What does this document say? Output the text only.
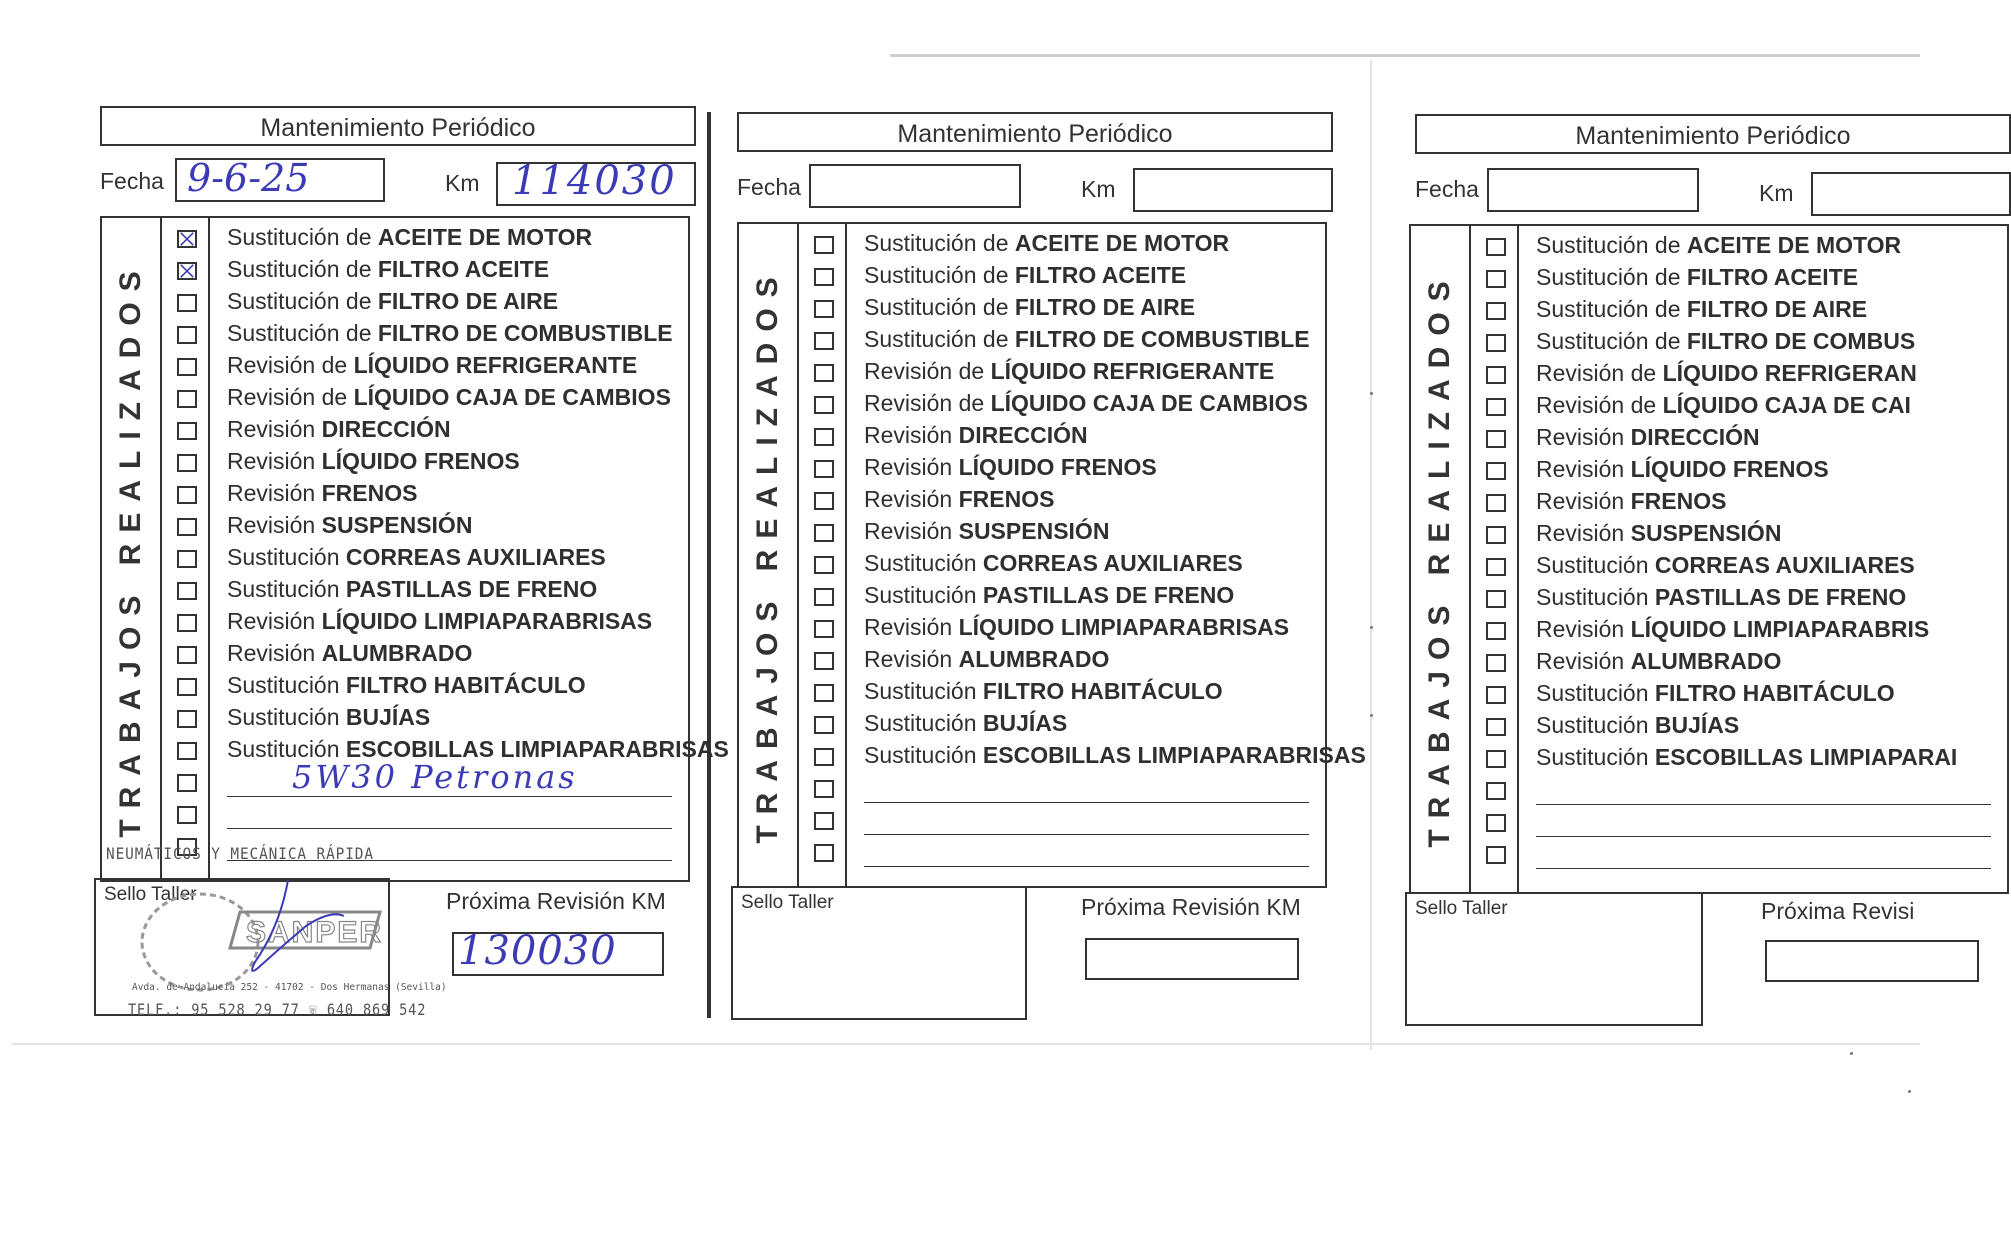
Mantenimiento Periódico
Fecha 9-6-25	Km 114030
TRABAJOS REALIZADOS
Sustitución de ACEITE DE MOTOR
Sustitución de FILTRO ACEITE
Sustitución de FILTRO DE AIRE
Sustitución de FILTRO DE COMBUSTIBLE
Revisión de LÍQUIDO REFRIGERANTE
Revisión de LÍQUIDO CAJA DE CAMBIOS
Revisión DIRECCIÓN
Revisión LÍQUIDO FRENOS
Revisión FRENOS
Revisión SUSPENSIÓN
Sustitución CORREAS AUXILIARES
Sustitución PASTILLAS DE FRENO
Revisión LÍQUIDO LIMPIAPARABRISAS
Revisión ALUMBRADO
Sustitución FILTRO HABITÁCULO
Sustitución BUJÍAS
Sustitución ESCOBILLAS LIMPIAPARABRISAS
5W30 Petronas
Sello Taller
NEUMÁTICOS Y MECÁNICA RÁPIDA
SANPER
Avda. de Andalucía 252 - 41702 - Dos Hermanas (Sevilla)
TELF.: 95 528 29 77 ☏ 640 869 542
Próxima Revisión KM
130030
Mantenimiento Periódico
Fecha	Km
TRABAJOS REALIZADOS
Sustitución de ACEITE DE MOTOR
Sustitución de FILTRO ACEITE
Sustitución de FILTRO DE AIRE
Sustitución de FILTRO DE COMBUSTIBLE
Revisión de LÍQUIDO REFRIGERANTE
Revisión de LÍQUIDO CAJA DE CAMBIOS
Revisión DIRECCIÓN
Revisión LÍQUIDO FRENOS
Revisión FRENOS
Revisión SUSPENSIÓN
Sustitución CORREAS AUXILIARES
Sustitución PASTILLAS DE FRENO
Revisión LÍQUIDO LIMPIAPARABRISAS
Revisión ALUMBRADO
Sustitución FILTRO HABITÁCULO
Sustitución BUJÍAS
Sustitución ESCOBILLAS LIMPIAPARABRISAS
Sello Taller	Próxima Revisión KM
Mantenimiento Periódico
Fecha	Km
TRABAJOS REALIZADOS
Sustitución de ACEITE DE MOTOR
Sustitución de FILTRO ACEITE
Sustitución de FILTRO DE AIRE
Sustitución de FILTRO DE COMBUS
Revisión de LÍQUIDO REFRIGERAN
Revisión de LÍQUIDO CAJA DE CAI
Revisión DIRECCIÓN
Revisión LÍQUIDO FRENOS
Revisión FRENOS
Revisión SUSPENSIÓN
Sustitución CORREAS AUXILIARES
Sustitución PASTILLAS DE FRENO
Revisión LÍQUIDO LIMPIAPARABRIS
Revisión ALUMBRADO
Sustitución FILTRO HABITÁCULO
Sustitución BUJÍAS
Sustitución ESCOBILLAS LIMPIAPARAI
Sello Taller	Próxima Revisi
